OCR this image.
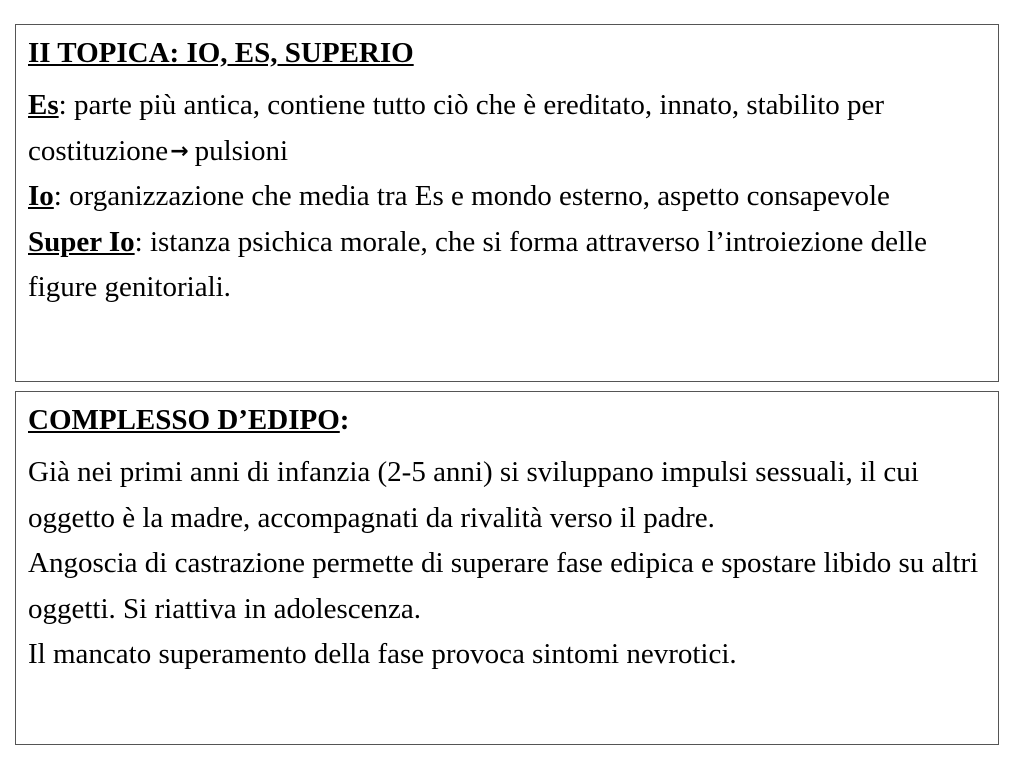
II TOPICA: IO, ES, SUPERIO

Es: parte più antica, contiene tutto ciò che è ereditato, innato, stabilito per costituzione→ pulsioni

Io: organizzazione che media tra Es e mondo esterno, aspetto consapevole

Super Io: istanza psichica morale, che si forma attraverso l’introiezione delle figure genitoriali.

COMPLESSO D’EDIPO:

Già nei primi anni di infanzia (2-5 anni) si sviluppano impulsi sessuali, il cui oggetto è la madre, accompagnati da rivalità verso il padre.

Angoscia di castrazione permette di superare fase edipica e spostare libido su altri oggetti. Si riattiva in adolescenza.

Il mancato superamento della fase provoca sintomi nevrotici.
